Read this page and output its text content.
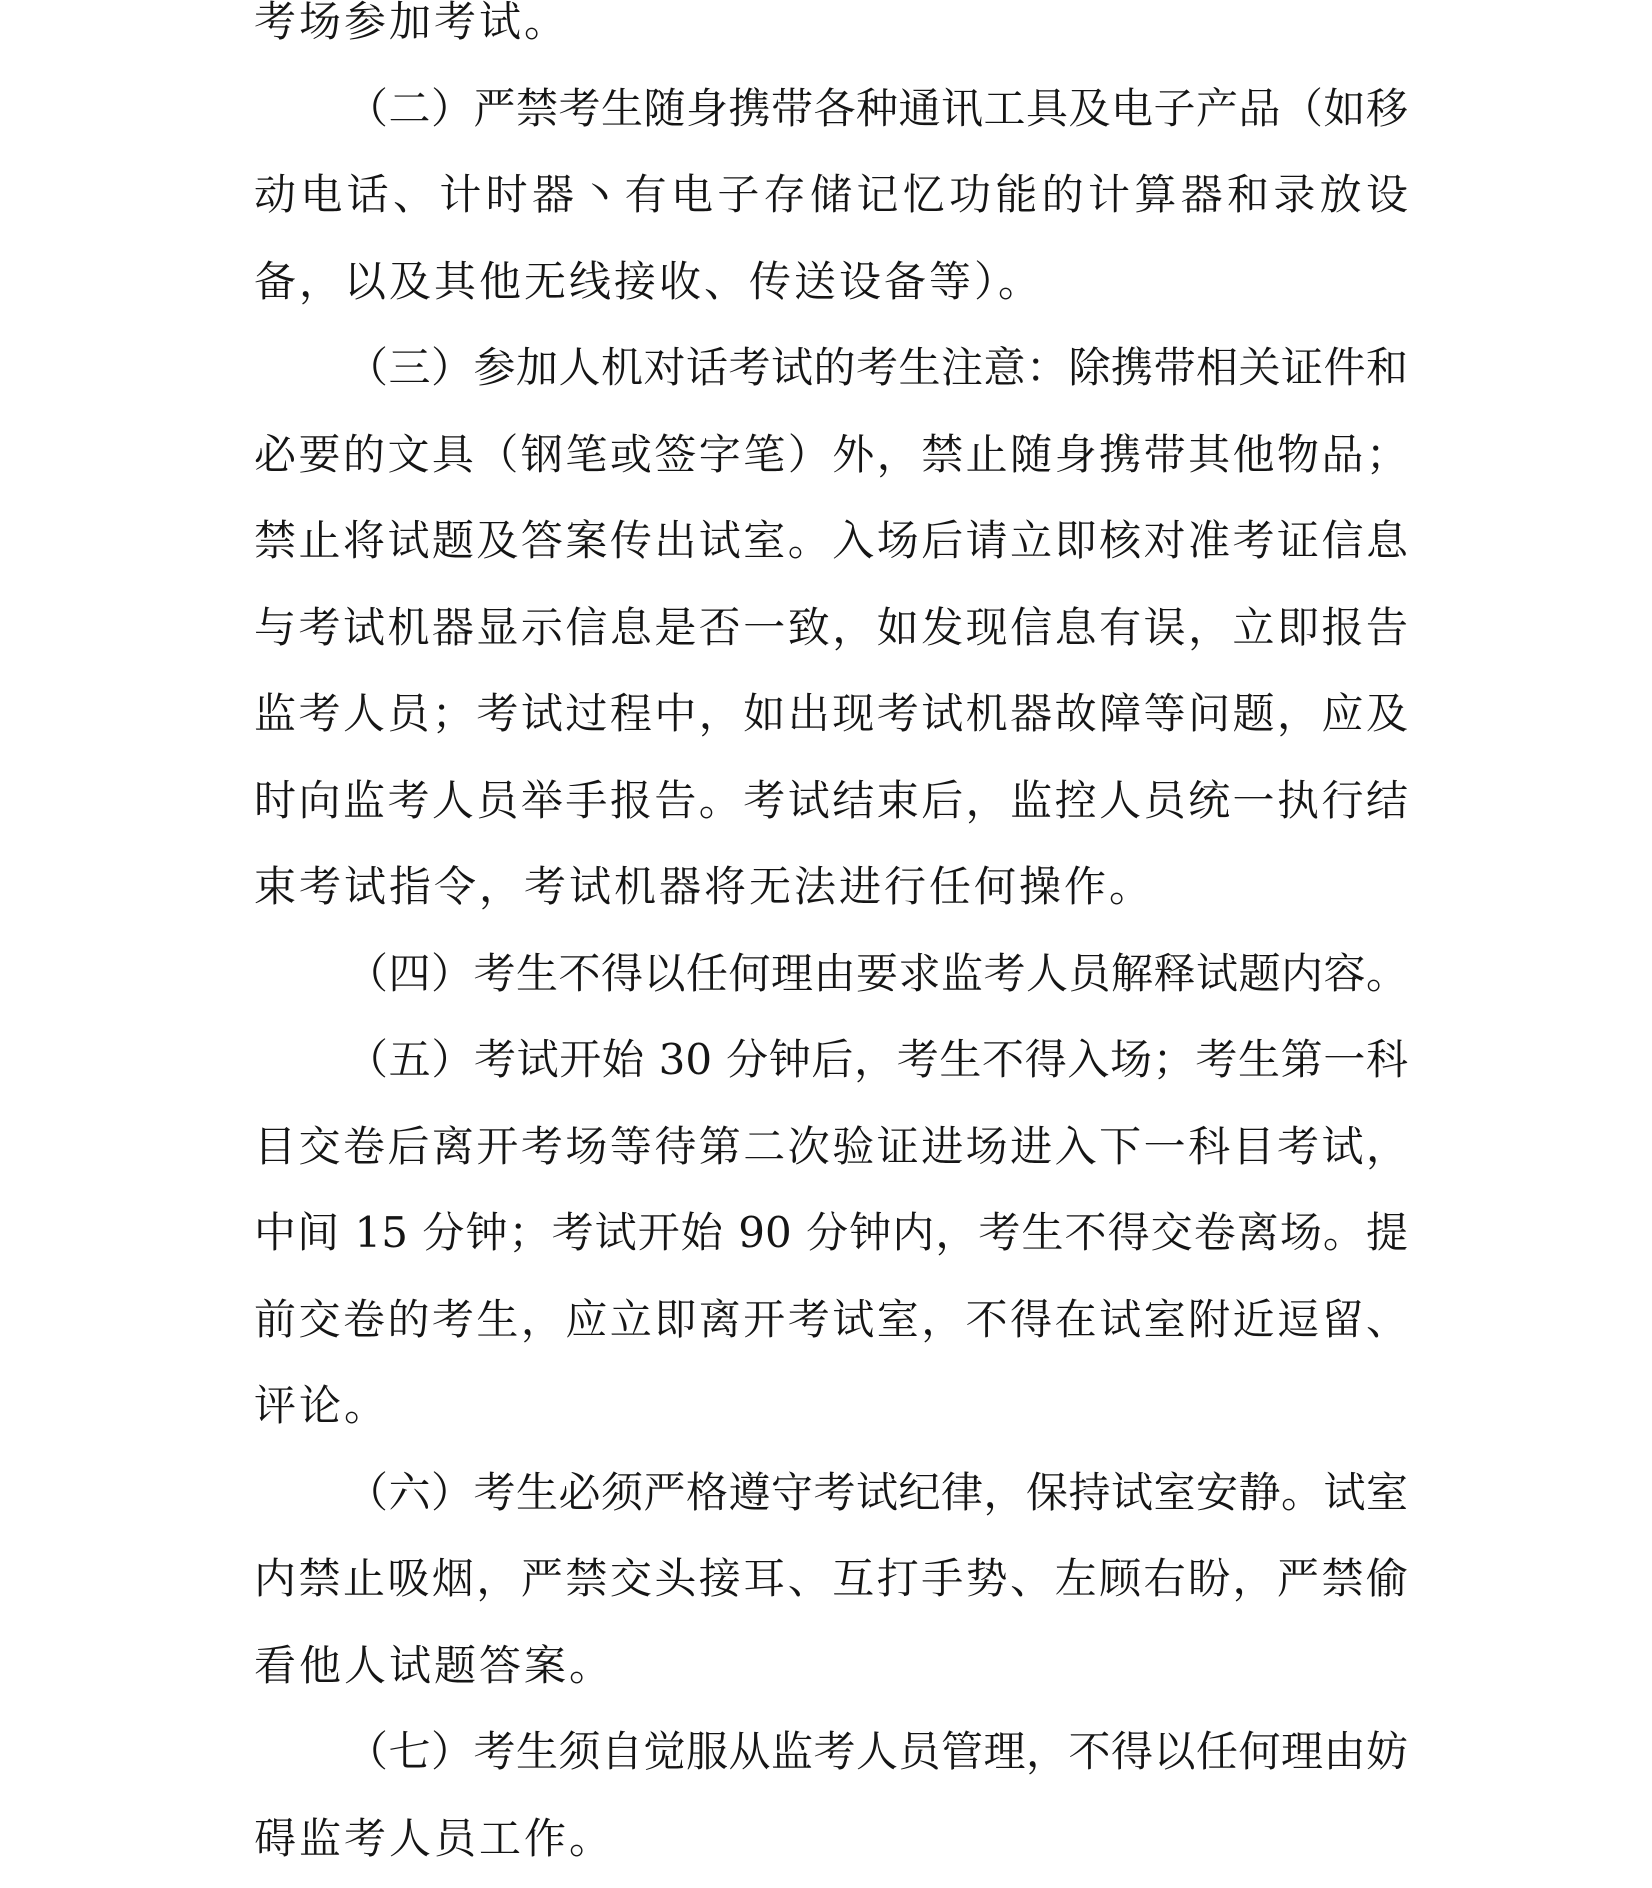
考场参加考试。
（二）严禁考生随身携带各种通讯工具及电子产品（如移
动电话、计时器丶有电子存储记忆功能的计算器和录放设
备，以及其他无线接收、传送设备等）。
（三）参加人机对话考试的考生注意：除携带相关证件和
必要的文具（钢笔或签字笔）外，禁止随身携带其他物品；
禁止将试题及答案传出试室。入场后请立即核对准考证信息
与考试机器显示信息是否一致，如发现信息有误，立即报告
监考人员；考试过程中，如出现考试机器故障等问题，应及
时向监考人员举手报告。考试结束后，监控人员统一执行结
束考试指令，考试机器将无法进行任何操作。
（四）考生不得以任何理由要求监考人员解释试题内容。
（五）考试开始 30 分钟后，考生不得入场；考生第一科
目交卷后离开考场等待第二次验证进场进入下一科目考试，
中间 15 分钟；考试开始 90 分钟内，考生不得交卷离场。提
前交卷的考生，应立即离开考试室，不得在试室附近逗留、
评论。
（六）考生必须严格遵守考试纪律，保持试室安静。试室
内禁止吸烟，严禁交头接耳、互打手势、左顾右盼，严禁偷
看他人试题答案。
（七）考生须自觉服从监考人员管理，不得以任何理由妨
碍监考人员工作。
